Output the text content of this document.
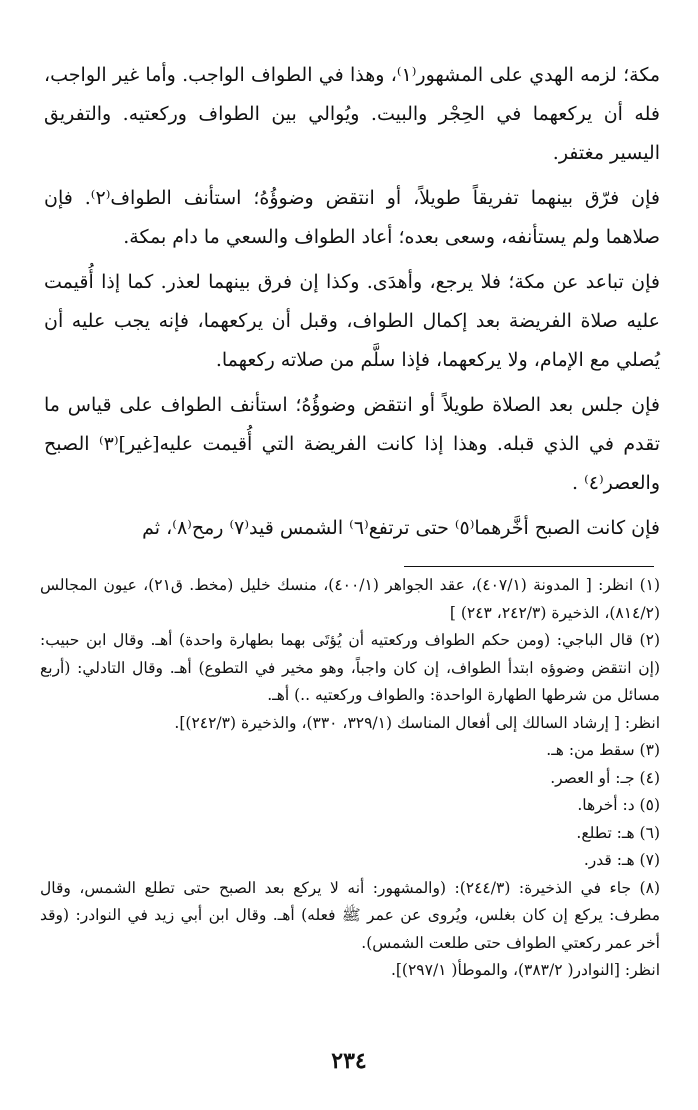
مكة؛ لزمه الهدي على المشهور⁽١⁾، وهذا في الطواف الواجب. وأما غير الواجب، فله أن يركعهما في الحِجْر والبيت. ويُوالي بين الطواف وركعتيه. والتفريق اليسير مغتفر.

فإن فرّق بينهما تفريقاً طويلاً، أو انتقض وضوؤُهُ؛ استأنف الطواف⁽٢⁾. فإن صلاهما ولم يستأنفه، وسعى بعده؛ أعاد الطواف والسعي ما دام بمكة.

فإن تباعد عن مكة؛ فلا يرجع، وأهدَى. وكذا إن فرق بينهما لعذر. كما إذا أُقيمت عليه صلاة الفريضة بعد إكمال الطواف، وقبل أن يركعهما، فإنه يجب عليه أن يُصلي مع الإمام، ولا يركعهما، فإذا سلَّم من صلاته ركعهما.

فإن جلس بعد الصلاة طويلاً أو انتقض وضوؤُهُ؛ استأنف الطواف على قياس ما تقدم في الذي قبله. وهذا إذا كانت الفريضة التي أُقيمت عليه[غير]⁽٣⁾ الصبح والعصر⁽٤⁾ .

فإن كانت الصبح أخَّرهما⁽٥⁾ حتى ترتفع⁽٦⁾ الشمس قيد⁽٧⁾ رمح⁽٨⁾، ثم

(١) انظر: [ المدونة (٤٠٧/١)، عقد الجواهر (٤٠٠/١)، منسك خليل (مخط. ق٢١)، عيون المجالس (٨١٤/٢)، الذخيرة (٢٤٢/٣، ٢٤٣) ]

(٢) قال الباجي: (ومن حكم الطواف وركعتيه أن يُؤتَى بهما بطهارة واحدة) أهـ. وقال ابن حبيب: (إن انتقض وضوؤه ابتدأ الطواف، إن كان واجباً، وهو مخير في التطوع) أهـ. وقال التادلي: (أربع مسائل من شرطها الطهارة الواحدة: والطواف وركعتيه ..) أهـ.

انظر: [ إرشاد السالك إلى أفعال المناسك (٣٢٩/١، ٣٣٠)، والذخيرة (٢٤٢/٣)].

(٣) سقط من: هـ.

(٤) جـ: أو العصر.

(٥) د: أخرها.

(٦) هـ: تطلع.

(٧) هـ: قدر.

(٨) جاء في الذخيرة: (٢٤٤/٣): (والمشهور: أنه لا يركع بعد الصبح حتى تطلع الشمس، وقال مطرف: يركع إن كان بغلس، ويُروى عن عمر ﷺ فعله) أهـ. وقال ابن أبي زيد في النوادر: (وقد أخر عمر ركعتي الطواف حتى طلعت الشمس).

انظر: [النوادر( ٣٨٣/٢)، والموطأ( ٢٩٧/١)].

٢٣٤
